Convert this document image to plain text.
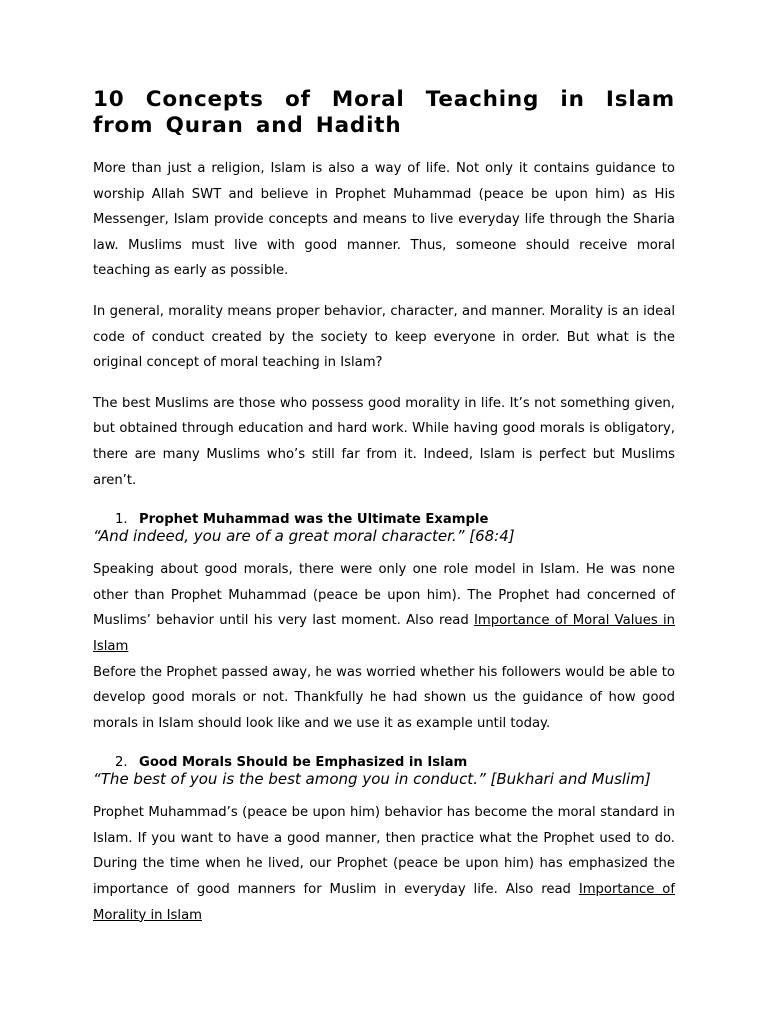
10 Concepts of Moral Teaching in Islam from Quran and Hadith

More than just a religion, Islam is also a way of life. Not only it contains guidance to worship Allah SWT and believe in Prophet Muhammad (peace be upon him) as His Messenger, Islam provide concepts and means to live everyday life through the Sharia law. Muslims must live with good manner. Thus, someone should receive moral teaching as early as possible.

In general, morality means proper behavior, character, and manner. Morality is an ideal code of conduct created by the society to keep everyone in order. But what is the original concept of moral teaching in Islam?

The best Muslims are those who possess good morality in life. It’s not something given, but obtained through education and hard work. While having good morals is obligatory, there are many Muslims who’s still far from it. Indeed, Islam is perfect but Muslims aren’t.

1. Prophet Muhammad was the Ultimate Example

“And indeed, you are of a great moral character.” [68:4]

Speaking about good morals, there were only one role model in Islam. He was none other than Prophet Muhammad (peace be upon him). The Prophet had concerned of Muslims’ behavior until his very last moment. Also read Importance of Moral Values in Islam

Before the Prophet passed away, he was worried whether his followers would be able to develop good morals or not. Thankfully he had shown us the guidance of how good morals in Islam should look like and we use it as example until today.

2. Good Morals Should be Emphasized in Islam

“The best of you is the best among you in conduct.” [Bukhari and Muslim]

Prophet Muhammad’s (peace be upon him) behavior has become the moral standard in Islam. If you want to have a good manner, then practice what the Prophet used to do. During the time when he lived, our Prophet (peace be upon him) has emphasized the importance of good manners for Muslim in everyday life. Also read Importance of Morality in Islam
